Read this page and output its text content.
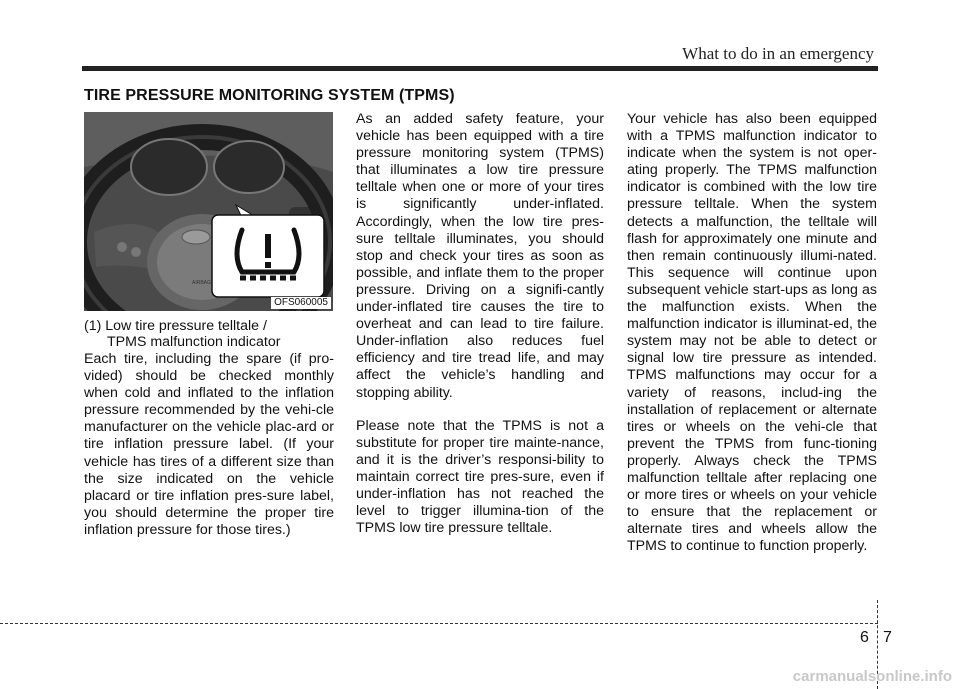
What to do in an emergency
TIRE PRESSURE MONITORING SYSTEM (TPMS)
AIRBAG
OFS060005
(1) Low tire pressure telltale /
TPMS malfunction indicator

Each tire, including the spare (if pro-vided) should be checked monthly when cold and inflated to the inflation pressure recommended by the vehi-cle manufacturer on the vehicle plac-ard or tire inflation pressure label. (If your vehicle has tires of a different size than the size indicated on the vehicle placard or tire inflation pres-sure label, you should determine the proper tire inflation pressure for those tires.)

As an added safety feature, your vehicle has been equipped with a tire pressure monitoring system (TPMS) that illuminates a low tire pressure telltale when one or more of your tires is significantly under-inflated. Accordingly, when the low tire pres-sure telltale illuminates, you should stop and check your tires as soon as possible, and inflate them to the proper pressure. Driving on a signifi-cantly under-inflated tire causes the tire to overheat and can lead to tire failure. Under-inflation also reduces fuel efficiency and tire tread life, and may affect the vehicle’s handling and stopping ability.

Please note that the TPMS is not a substitute for proper tire mainte-nance, and it is the driver’s responsi-bility to maintain correct tire pres-sure, even if under-inflation has not reached the level to trigger illumina-tion of the TPMS low tire pressure telltale.

Your vehicle has also been equipped with a TPMS malfunction indicator to indicate when the system is not oper-ating properly. The TPMS malfunction indicator is combined with the low tire pressure telltale. When the system detects a malfunction, the telltale will flash for approximately one minute and then remain continuously illumi-nated. This sequence will continue upon subsequent vehicle start-ups as long as the malfunction exists. When the malfunction indicator is illuminat-ed, the system may not be able to detect or signal low tire pressure as intended. TPMS malfunctions may occur for a variety of reasons, includ-ing the installation of replacement or alternate tires or wheels on the vehi-cle that prevent the TPMS from func-tioning properly. Always check the TPMS malfunction telltale after replacing one or more tires or wheels on your vehicle to ensure that the replacement or alternate tires and wheels allow the TPMS to continue to function properly.

6 7
carmanualsonline.info
